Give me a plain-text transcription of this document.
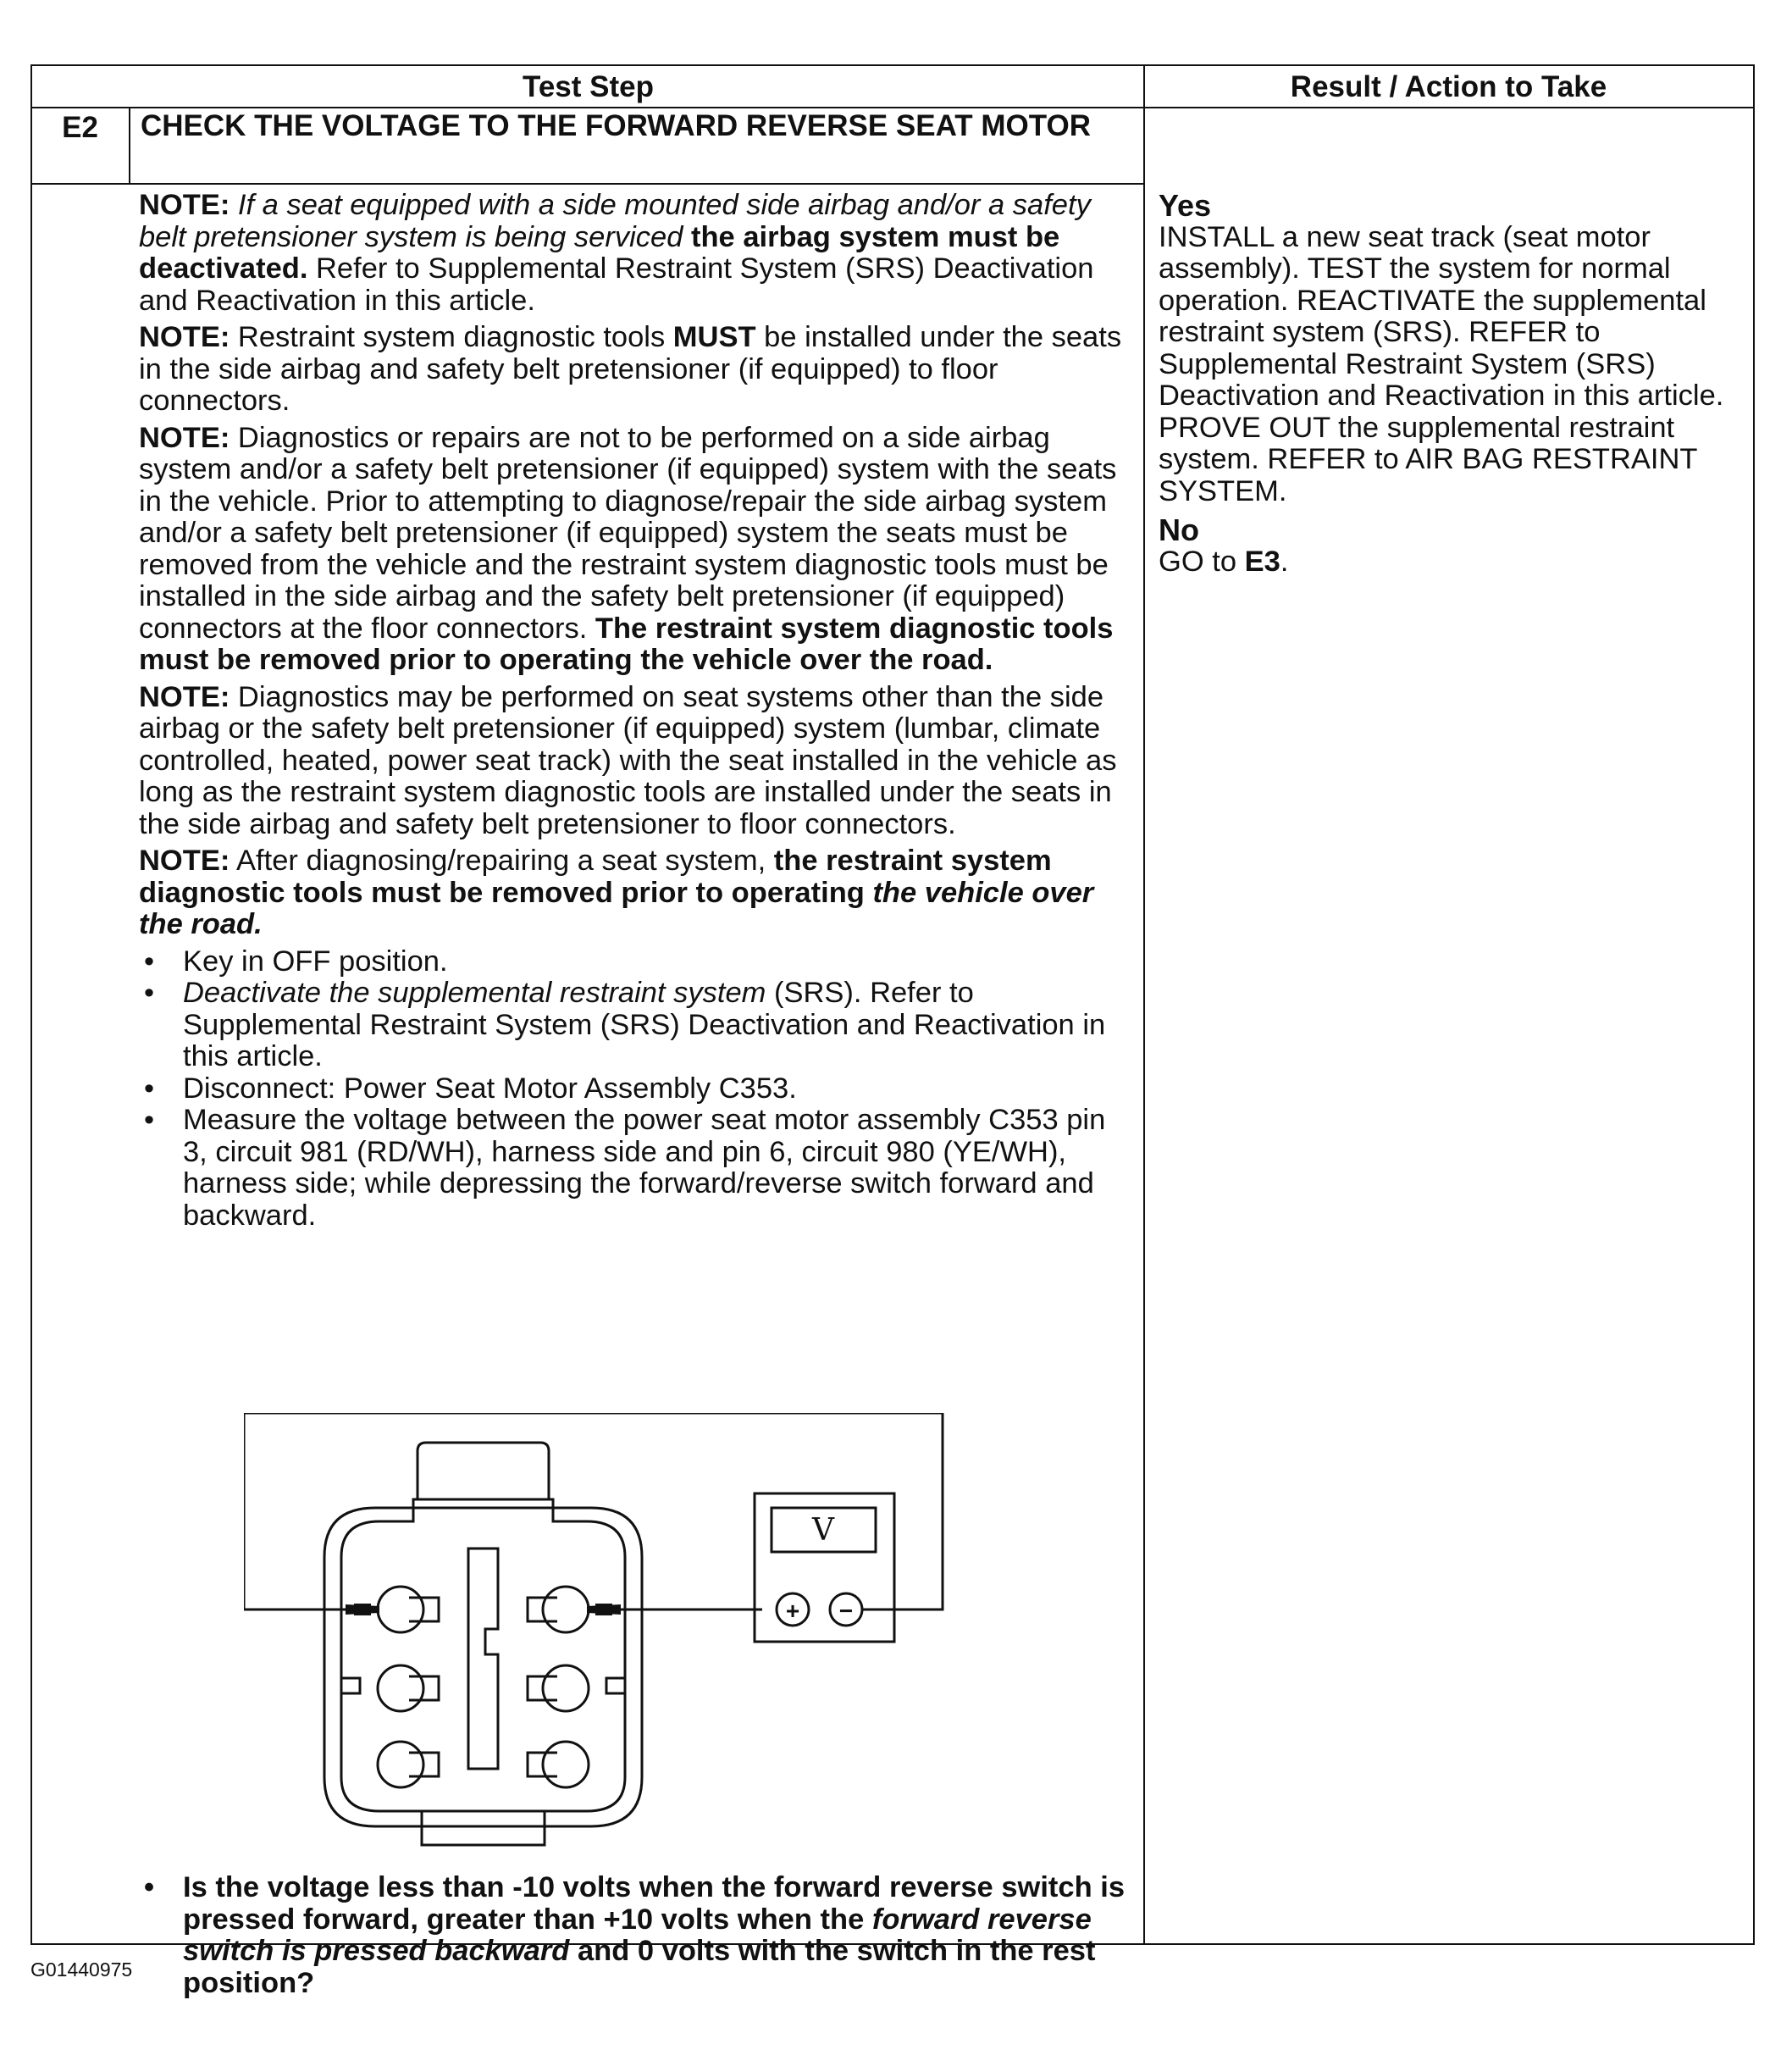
Test Step	Result / Action to Take
E2	CHECK THE VOLTAGE TO THE FORWARD REVERSE SEAT MOTOR

NOTE: If a seat equipped with a side mounted side airbag and/or a safety belt pretensioner system is being serviced the airbag system must be deactivated. Refer to Supplemental Restraint System (SRS) Deactivation and Reactivation in this article.

NOTE: Restraint system diagnostic tools MUST be installed under the seats in the side airbag and safety belt pretensioner (if equipped) to floor connectors.

NOTE: Diagnostics or repairs are not to be performed on a side airbag system and/or a safety belt pretensioner (if equipped) system with the seats in the vehicle. Prior to attempting to diagnose/repair the side airbag system and/or a safety belt pretensioner (if equipped) system the seats must be removed from the vehicle and the restraint system diagnostic tools must be installed in the side airbag and the safety belt pretensioner (if equipped) connectors at the floor connectors. The restraint system diagnostic tools must be removed prior to operating the vehicle over the road.

NOTE: Diagnostics may be performed on seat systems other than the side airbag or the safety belt pretensioner (if equipped) system (lumbar, climate controlled, heated, power seat track) with the seat installed in the vehicle as long as the restraint system diagnostic tools are installed under the seats in the side airbag and safety belt pretensioner to floor connectors.

NOTE: After diagnosing/repairing a seat system, the restraint system diagnostic tools must be removed prior to operating the vehicle over the road.

• Key in OFF position.
• Deactivate the supplemental restraint system (SRS). Refer to Supplemental Restraint System (SRS) Deactivation and Reactivation in this article.
• Disconnect: Power Seat Motor Assembly C353.
• Measure the voltage between the power seat motor assembly C353 pin 3, circuit 981 (RD/WH), harness side and pin 6, circuit 980 (YE/WH), harness side; while depressing the forward/reverse switch forward and backward.
V
+ −
• Is the voltage less than -10 volts when the forward reverse switch is pressed forward, greater than +10 volts when the forward reverse switch is pressed backward and 0 volts with the switch in the rest position?
Yes
INSTALL a new seat track (seat motor assembly). TEST the system for normal operation. REACTIVATE the supplemental restraint system (SRS). REFER to Supplemental Restraint System (SRS) Deactivation and Reactivation in this article. PROVE OUT the supplemental restraint system. REFER to AIR BAG RESTRAINT SYSTEM.
No
GO to E3.
G01440975
